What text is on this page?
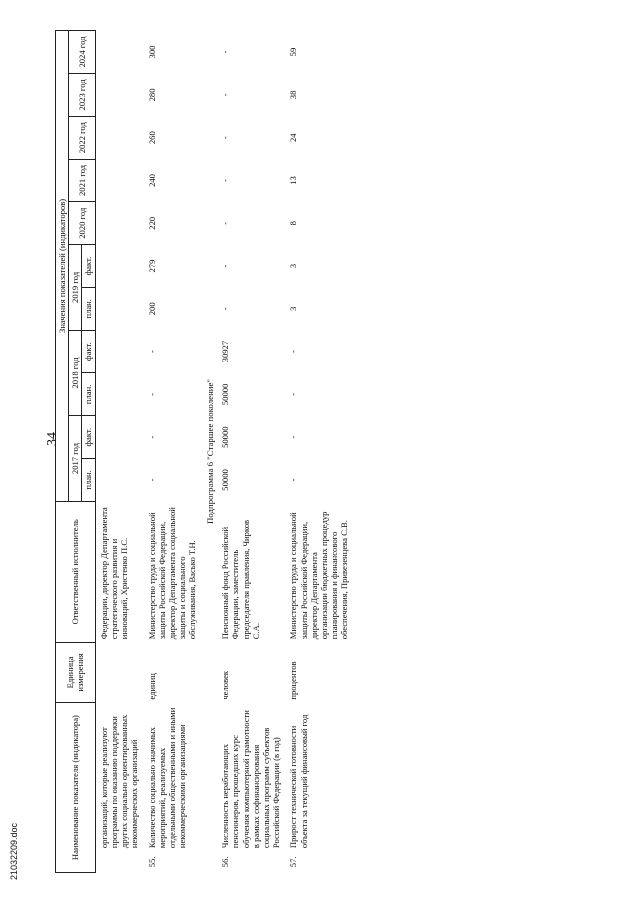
34
21032209.doc	Наименование показателя (индикатора)		Единица измерения	Ответственный исполнитель	Значения показателей (индикаторов)										
				2017 год		2018 год		2019 год		2020 год	2021 год	2022 год	2023 год	2024 год
				план.	факт.	план.	факт.	план.	факт.					
	организаций, которые реализуют программы по оказанию поддержки других социально ориентированных некоммерческих организаций		Федерации, директор Департамента стратегического развития и инноваций, Христенко П.С.											
55.	Количество социально значимых мероприятий, реализуемых отдельными общественными и иными некоммерческими организациями	единиц	Министерство труда и социальной защиты Российской Федерации, директор Департамента социальной защиты и социального обслуживания, Васько Т.Н.	-	-	-	-	200	279	220	240	260	280	300
Подпрограмма 6 "Старшее поколение"														
56.	Численность неработающих пенсионеров, прошедших курс обучения компьютерной грамотности в рамках софинансирования социальных программ субъектов Российской Федерации (в год)	человек	Пенсионный фонд Российской Федерации, заместитель председателя правления, Чирков С.А.	50000	50000	50000	30927	-	-	-	-	-	-	-
57.	Прирост технической готовности объекта за текущий финансовый год	процентов	Министерство труда и социальной защиты Российской Федерации, директор Департамента организации бюджетных процедур планирования и финансового обеспечения, Привезенцева С.В.	-	-	-	-	3	3	8	13	24	38	59
